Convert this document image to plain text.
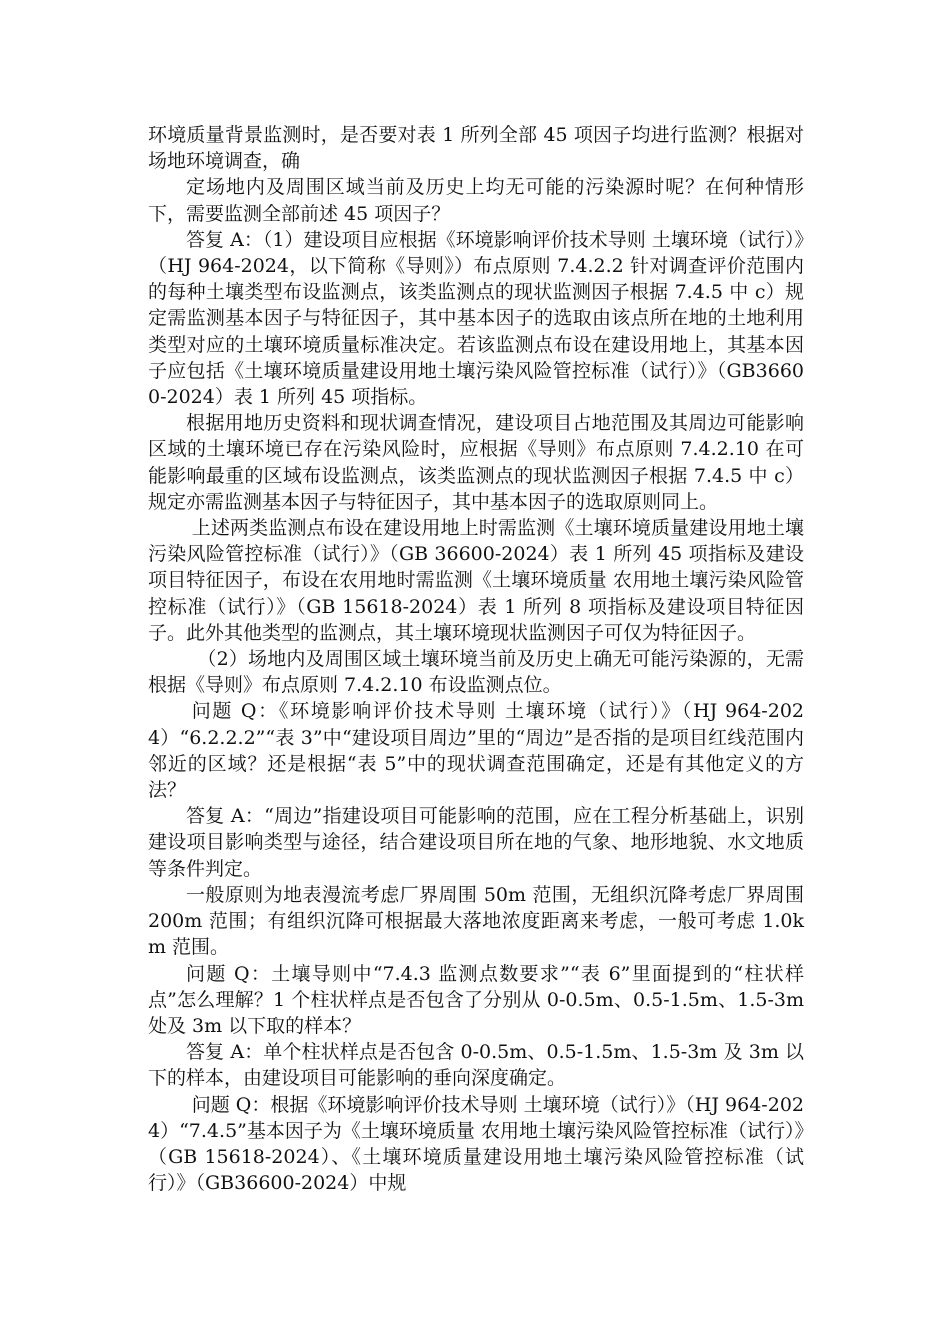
环境质量背景监测时，是否要对表 1 所列全部 45 项因子均进行监测？根据对场地环境调查，确

定场地内及周围区域当前及历史上均无可能的污染源时呢？在何种情形下，需要监测全部前述 45 项因子？

答复 A：（1）建设项目应根据《环境影响评价技术导则 土壤环境（试行）》（HJ 964-2024，以下简称《导则》）布点原则 7.4.2.2 针对调查评价范围内的每种土壤类型布设监测点，该类监测点的现状监测因子根据 7.4.5 中 c）规定需监测基本因子与特征因子，其中基本因子的选取由该点所在地的土地利用类型对应的土壤环境质量标准决定。若该监测点布设在建设用地上，其基本因子应包括《土壤环境质量建设用地土壤污染风险管控标准（试行）》（GB36600-2024）表 1 所列 45 项指标。

根据用地历史资料和现状调查情况，建设项目占地范围及其周边可能影响区域的土壤环境已存在污染风险时，应根据《导则》布点原则 7.4.2.10 在可能影响最重的区域布设监测点，该类监测点的现状监测因子根据 7.4.5 中 c）规定亦需监测基本因子与特征因子，其中基本因子的选取原则同上。

上述两类监测点布设在建设用地上时需监测《土壤环境质量建设用地土壤污染风险管控标准（试行）》（GB 36600-2024）表 1 所列 45 项指标及建设项目特征因子，布设在农用地时需监测《土壤环境质量 农用地土壤污染风险管控标准（试行）》（GB 15618-2024）表 1 所列 8 项指标及建设项目特征因子。此外其他类型的监测点，其土壤环境现状监测因子可仅为特征因子。

（2）场地内及周围区域土壤环境当前及历史上确无可能污染源的，无需根据《导则》布点原则 7.4.2.10 布设监测点位。

问题 Q：《环境影响评价技术导则 土壤环境（试行）》（HJ 964-2024）“6.2.2.2”“表 3”中“建设项目周边”里的“周边”是否指的是项目红线范围内邻近的区域？还是根据“表 5”中的现状调查范围确定，还是有其他定义的方法？

答复 A：“周边”指建设项目可能影响的范围，应在工程分析基础上，识别建设项目影响类型与途径，结合建设项目所在地的气象、地形地貌、水文地质等条件判定。

一般原则为地表漫流考虑厂界周围 50m 范围，无组织沉降考虑厂界周围 200m 范围；有组织沉降可根据最大落地浓度距离来考虑，一般可考虑 1.0km 范围。

问题 Q：土壤导则中“7.4.3 监测点数要求”“表 6”里面提到的“柱状样点”怎么理解？1 个柱状样点是否包含了分别从 0-0.5m、0.5-1.5m、1.5-3m 处及 3m 以下取的样本？

答复 A：单个柱状样点是否包含 0-0.5m、0.5-1.5m、1.5-3m 及 3m 以下的样本，由建设项目可能影响的垂向深度确定。

问题 Q：根据《环境影响评价技术导则 土壤环境（试行）》（HJ 964-2024）“7.4.5”基本因子为《土壤环境质量 农用地土壤污染风险管控标准（试行）》（GB 15618-2024）、《土壤环境质量建设用地土壤污染风险管控标准（试行）》（GB36600-2024）中规
